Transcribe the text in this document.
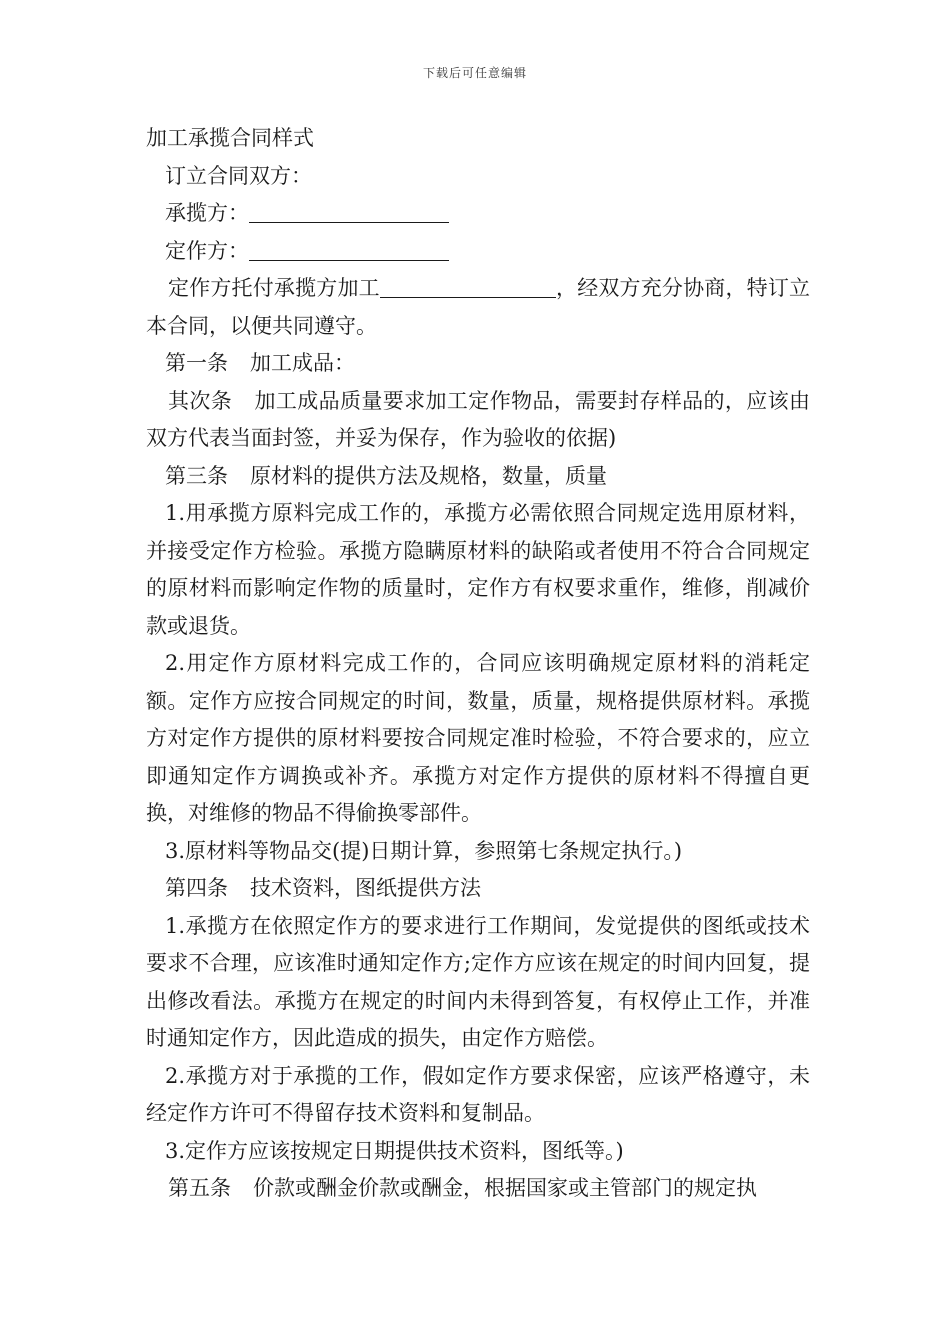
下载后可任意编辑

加工承揽合同样式

订立合同双方：

承揽方：

定作方：

定作方托付承揽方加工	，经双方充分协商，特订立本合同，以便共同遵守。

第一条 加工成品：

其次条 加工成品质量要求加工定作物品，需要封存样品的，应该由双方代表当面封签，并妥为保存，作为验收的依据)

第三条 原材料的提供方法及规格，数量，质量

1.用承揽方原料完成工作的，承揽方必需依照合同规定选用原材料，并接受定作方检验。承揽方隐瞒原材料的缺陷或者使用不符合合同规定的原材料而影响定作物的质量时，定作方有权要求重作，维修，削减价款或退货。

2.用定作方原材料完成工作的，合同应该明确规定原材料的消耗定额。定作方应按合同规定的时间，数量，质量，规格提供原材料。承揽方对定作方提供的原材料要按合同规定准时检验，不符合要求的，应立即通知定作方调换或补齐。承揽方对定作方提供的原材料不得擅自更换，对维修的物品不得偷换零部件。

3.原材料等物品交(提)日期计算，参照第七条规定执行。)

第四条 技术资料，图纸提供方法

1.承揽方在依照定作方的要求进行工作期间，发觉提供的图纸或技术要求不合理，应该准时通知定作方;定作方应该在规定的时间内回复，提出修改看法。承揽方在规定的时间内未得到答复，有权停止工作，并准时通知定作方，因此造成的损失，由定作方赔偿。

2.承揽方对于承揽的工作，假如定作方要求保密，应该严格遵守，未经定作方许可不得留存技术资料和复制品。

3.定作方应该按规定日期提供技术资料，图纸等。)

第五条 价款或酬金价款或酬金，根据国家或主管部门的规定执
